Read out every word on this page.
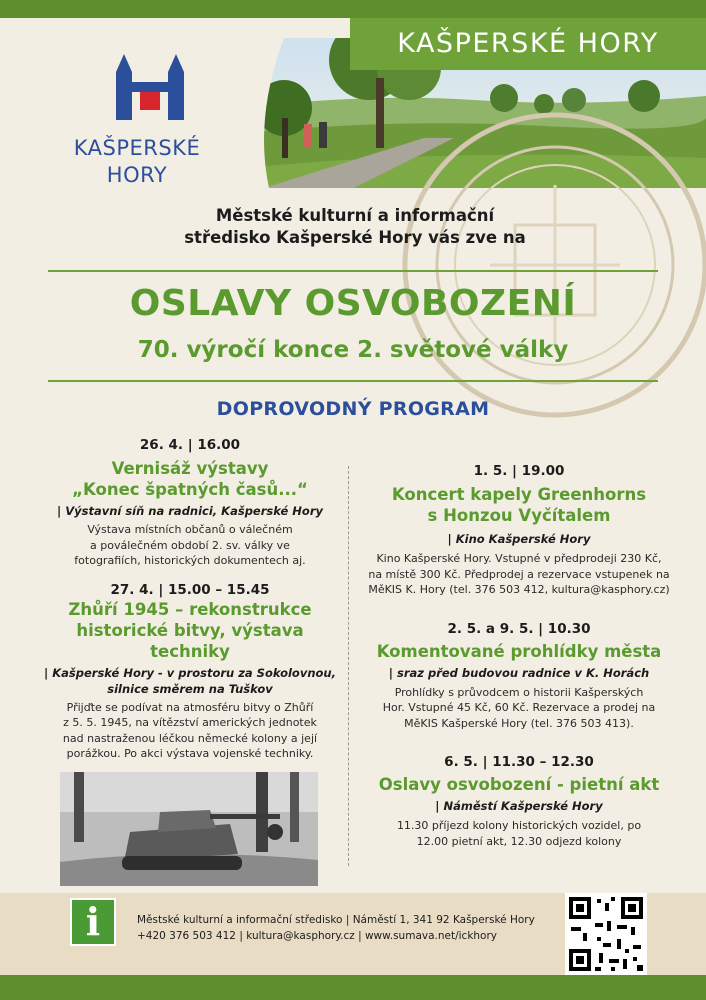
KAŠPERSKÉ HORY
KAŠPERSKÉ
HORY
Městské kulturní a informační
středisko Kašperské Hory vás zve na
OSLAVY OSVOBOZENÍ
70. výročí konce 2. světové války
DOPROVODNÝ PROGRAM
26. 4. | 16.00
Vernisáž výstavy
„Konec špatných časů...“
| Výstavní síň na radnici, Kašperské Hory
Výstava místních občanů o válečném
a poválečném období 2. sv. války ve
fotografiích, historických dokumentech aj.
27. 4. | 15.00 – 15.45
Zhůří 1945 – rekonstrukce
historické bitvy, výstava techniky
| Kašperské Hory - v prostoru za Sokolovnou,
silnice směrem na Tuškov
Přijďte se podívat na atmosféru bitvy o Zhůří
z 5. 5. 1945, na vítězství amerických jednotek
nad nastraženou léčkou německé kolony a její
porážkou. Po akci výstava vojenské techniky.
1. 5. | 19.00
Koncert kapely Greenhorns
s Honzou Vyčítalem
| Kino Kašperské Hory
Kino Kašperské Hory. Vstupné v předprodeji 230 Kč,
na místě 300 Kč. Předprodej a rezervace vstupenek na
MěKIS K. Hory (tel. 376 503 412, kultura@kasphory.cz)
2. 5. a 9. 5. | 10.30
Komentované prohlídky města
| sraz před budovou radnice v K. Horách
Prohlídky s průvodcem o historii Kašperských
Hor. Vstupné 45 Kč, 60 Kč. Rezervace a prodej na
MěKIS Kašperské Hory (tel. 376 503 413).
6. 5. | 11.30 – 12.30
Oslavy osvobození - pietní akt
| Náměstí Kašperské Hory
11.30 příjezd kolony historických vozidel, po
12.00 pietní akt, 12.30 odjezd kolony
i	Městské kulturní a informační středisko | Náměstí 1, 341 92 Kašperské Hory
+420 376 503 412 | kultura@kasphory.cz | www.sumava.net/ickhory
